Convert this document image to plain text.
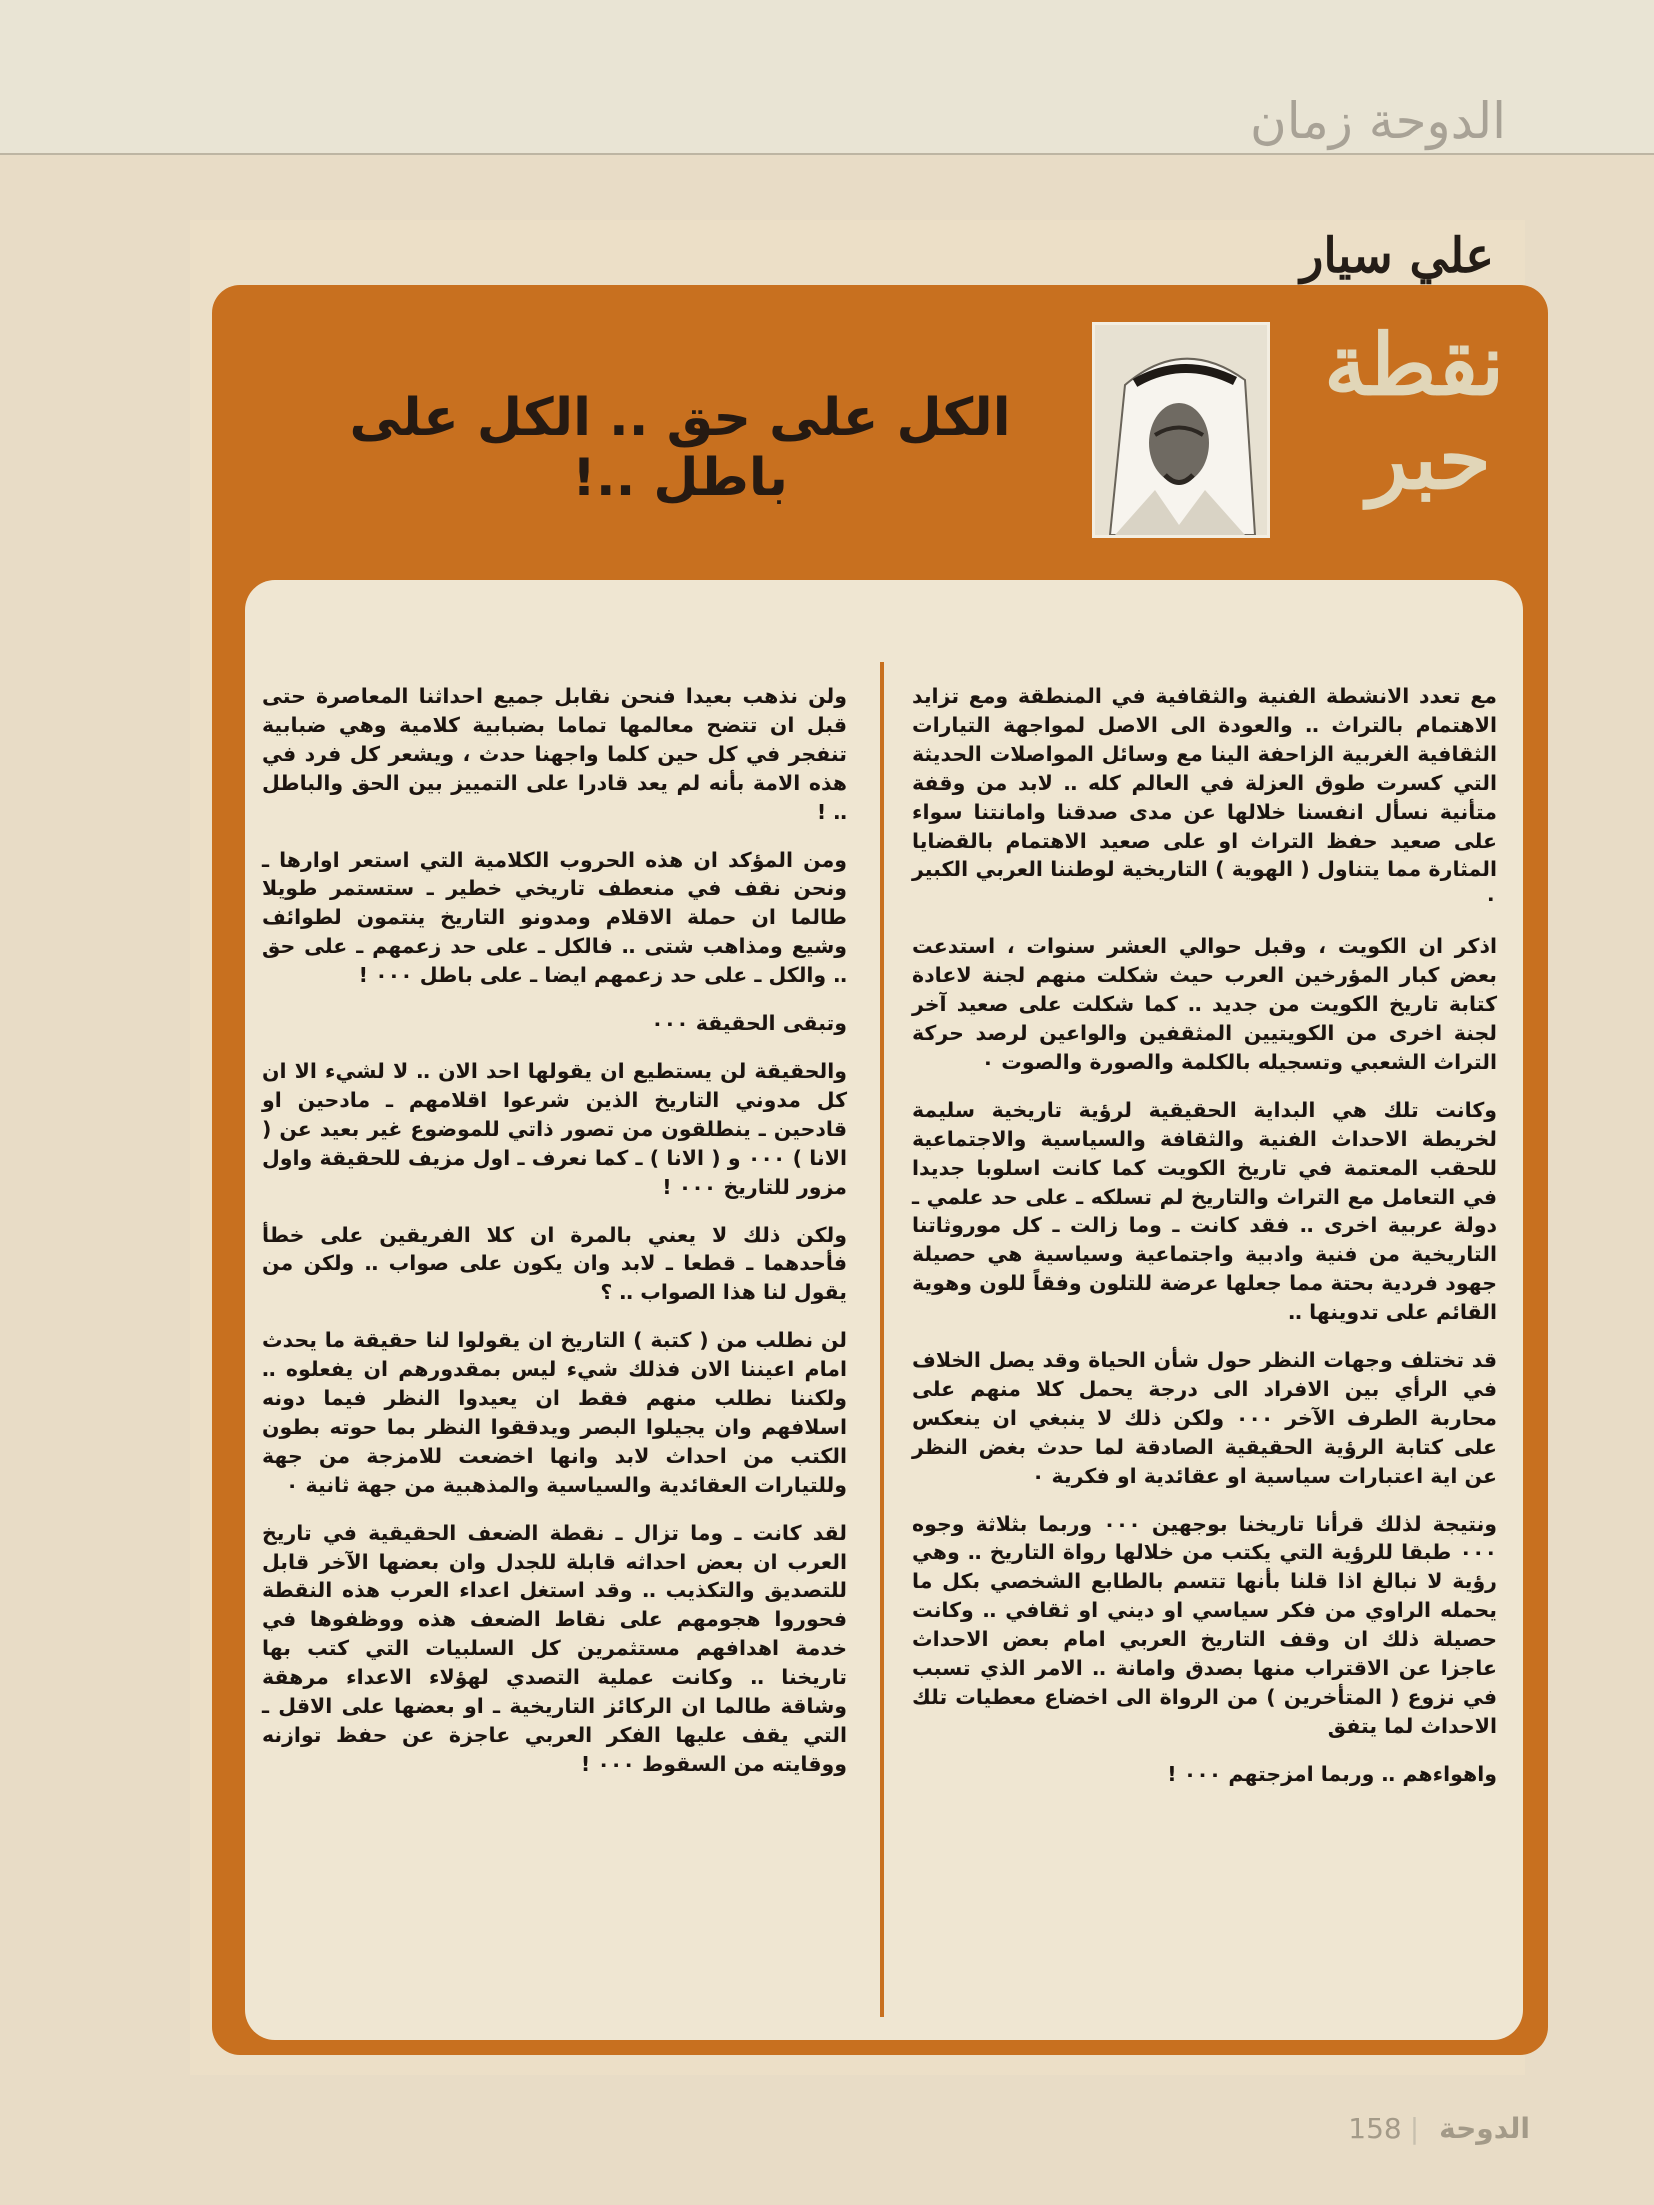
الدوحة زمان
علي سيار
نقطة
حبر
الكل على حق .. الكل على باطل ..!

مع تعدد الانشطة الفنية والثقافية في المنطقة ومع تزايد الاهتمام بالتراث ‥ والعودة الى الاصل لمواجهة التيارات الثقافية الغربية الزاحفة الينا مع وسائل المواصلات الحديثة التي كسرت طوق العزلة في العالم كله ‥ لابد من وقفة متأنية نسأل انفسنا خلالها عن مدى صدقنا وامانتنا سواء على صعيد حفظ التراث او على صعيد الاهتمام بالقضايا المثارة مما يتناول ( الهوية ) التاريخية لوطننا العربي الكبير ٠

اذكر ان الكويت ، وقبل حوالي العشر سنوات ، استدعت بعض كبار المؤرخين العرب حيث شكلت منهم لجنة لاعادة كتابة تاريخ الكويت من جديد ‥ كما شكلت على صعيد آخر لجنة اخرى من الكويتيين المثقفين والواعين لرصد حركة التراث الشعبي وتسجيله بالكلمة والصورة والصوت ٠

وكانت تلك هي البداية الحقيقية لرؤية تاريخية سليمة لخريطة الاحداث الفنية والثقافة والسياسية والاجتماعية للحقب المعتمة في تاريخ الكويت كما كانت اسلوبا جديدا في التعامل مع التراث والتاريخ لم تسلكه ـ على حد علمي ـ دولة عربية اخرى ‥ فقد كانت ـ وما زالت ـ كل موروثاتنا التاريخية من فنية وادبية واجتماعية وسياسية هي حصيلة جهود فردية بحتة مما جعلها عرضة للتلون وفقاً للون وهوية القائم على تدوينها ‥

قد تختلف وجهات النظر حول شأن الحياة وقد يصل الخلاف في الرأي بين الافراد الى درجة يحمل كلا منهم على محاربة الطرف الآخر ٠٠٠ ولكن ذلك لا ينبغي ان ينعكس على كتابة الرؤية الحقيقية الصادقة لما حدث بغض النظر عن اية اعتبارات سياسية او عقائدية او فكرية ٠

ونتيجة لذلك قرأنا تاريخنا بوجهين ٠٠٠ وربما بثلاثة وجوه ٠٠٠ طبقا للرؤية التي يكتب من خلالها رواة التاريخ ‥ وهي رؤية لا نبالغ اذا قلنا بأنها تتسم بالطابع الشخصي بكل ما يحمله الراوي من فكر سياسي او ديني او ثقافي ‥ وكانت حصيلة ذلك ان وقف التاريخ العربي امام بعض الاحداث عاجزا عن الاقتراب منها بصدق وامانة ‥ الامر الذي تسبب في نزوع ( المتأخرين ) من الرواة الى اخضاع معطيات تلك الاحداث لما يتفق

واهواءهم ‥ وربما امزجتهم ٠٠٠ !

ولن نذهب بعيدا فنحن نقابل جميع احداثنا المعاصرة حتى قبل ان تتضح معالمها تماما بضبابية كلامية وهي ضبابية تنفجر في كل حين كلما واجهنا حدث ، ويشعر كل فرد في هذه الامة بأنه لم يعد قادرا على التمييز بين الحق والباطل ‥ !

ومن المؤكد ان هذه الحروب الكلامية التي استعر اوارها ـ ونحن نقف في منعطف تاريخي خطير ـ ستستمر طويلا طالما ان حملة الاقلام ومدونو التاريخ ينتمون لطوائف وشيع ومذاهب شتى ‥ فالكل ـ على حد زعمهم ـ على حق ‥ والكل ـ على حد زعمهم ايضا ـ على باطل ٠٠٠ !

وتبقى الحقيقة ٠٠٠

والحقيقة لن يستطيع ان يقولها احد الان ‥ لا لشيء الا ان كل مدوني التاريخ الذين شرعوا اقلامهم ـ مادحين او قادحين ـ ينطلقون من تصور ذاتي للموضوع غير بعيد عن ( الانا ) ٠٠٠ و ( الانا ) ـ كما نعرف ـ اول مزيف للحقيقة واول مزور للتاريخ ٠٠٠ !

ولكن ذلك لا يعني بالمرة ان كلا الفريقين على خطأ فأحدهما ـ قطعا ـ لابد وان يكون على صواب ‥ ولكن من يقول لنا هذا الصواب ‥ ؟

لن نطلب من ( كتبة ) التاريخ ان يقولوا لنا حقيقة ما يحدث امام اعيننا الان فذلك شيء ليس بمقدورهم ان يفعلوه ‥ ولكننا نطلب منهم فقط ان يعيدوا النظر فيما دونه اسلافهم وان يجيلوا البصر ويدققوا النظر بما حوته بطون الكتب من احداث لابد وانها اخضعت للامزجة من جهة وللتيارات العقائدية والسياسية والمذهبية من جهة ثانية ٠

لقد كانت ـ وما تزال ـ نقطة الضعف الحقيقية في تاريخ العرب ان بعض احداثه قابلة للجدل وان بعضها الآخر قابل للتصديق والتكذيب ‥ وقد استغل اعداء العرب هذه النقطة فحوروا هجومهم على نقاط الضعف هذه ووظفوها في خدمة اهدافهم مستثمرين كل السلبيات التي كتب بها تاريخنا ‥ وكانت عملية التصدي لهؤلاء الاعداء مرهقة وشاقة طالما ان الركائز التاريخية ـ او بعضها على الاقل ـ التي يقف عليها الفكر العربي عاجزة عن حفظ توازنه ووقايته من السقوط ٠٠٠ !

الدوحة|158
